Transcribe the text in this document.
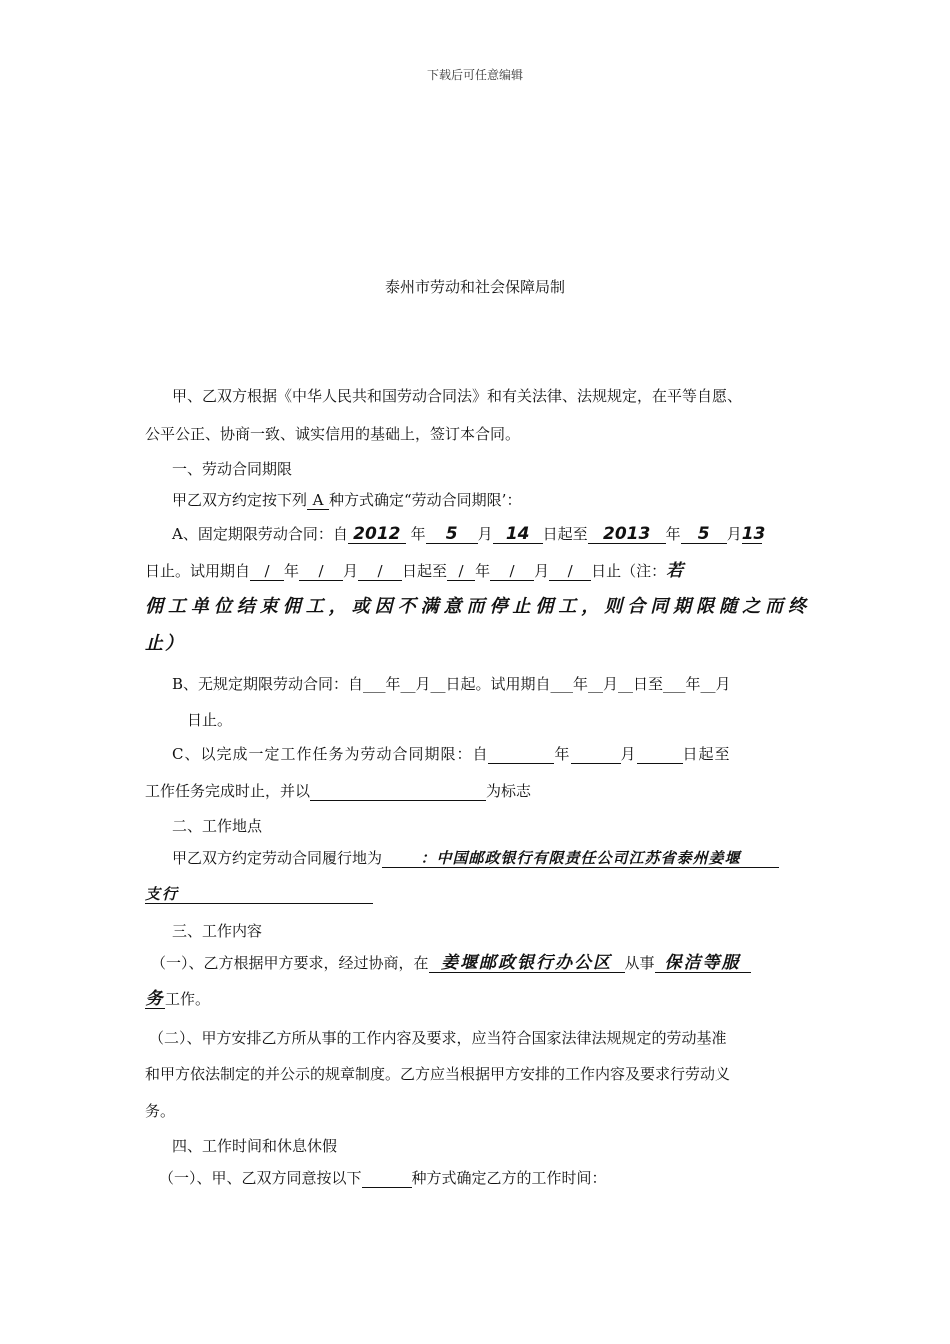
下载后可任意编辑
泰州市劳动和社会保障局制
甲、乙双方根据《中华人民共和国劳动合同法》和有关法律、法规规定，在平等自愿、
公平公正、协商一致、诚实信用的基础上，签订本合同。
一、劳动合同期限
甲乙双方约定按下列 A 种方式确定“劳动合同期限’：
A、固定期限劳动合同：自 2012 年 5 月 14 日起至 2013 年 5 月13
日止。试用期自 / 年 / 月 / 日起至 / 年 / 月 / 日止（注：若
佣工单位结束佣工，或因不满意而停止佣工，则合同期限随之而终
止）
B、无规定期限劳动合同：自___年__月__日起。试用期自___年__月__日至___年__月
日止。
C、以完成一定工作任务为劳动合同期限：自	年	月	日起至
工作任务完成时止，并以	为标志
二、工作地点
甲乙双方约定劳动合同履行地为	：中国邮政银行有限责任公司江苏省泰州姜堰
支行
三、工作内容
（一）、乙方根据甲方要求，经过协商，在 姜堰邮政银行办公区 从事 保洁等服
务工作。
（二）、甲方安排乙方所从事的工作内容及要求，应当符合国家法律法规规定的劳动基准
和甲方依法制定的并公示的规章制度。乙方应当根据甲方安排的工作内容及要求行劳动义
务。
四、工作时间和休息休假
（一）、甲、乙双方同意按以下	种方式确定乙方的工作时间：
